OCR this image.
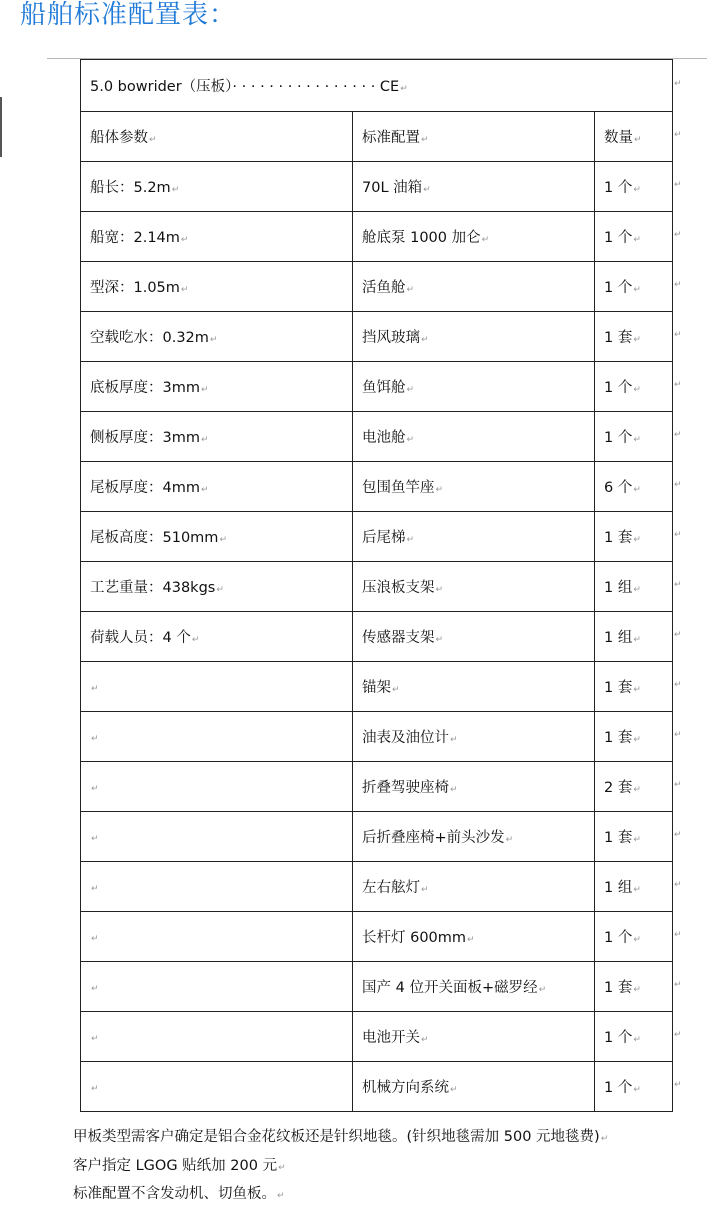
船舶标准配置表：
5.0 bowrider（压板）· · · · · · · · · · · · · · · · CE↵		
船体参数↵	标准配置↵	数量↵
船长：5.2m↵	70L 油箱↵	1 个↵
船宽：2.14m↵	舱底泵 1000 加仑↵	1 个↵
型深：1.05m↵	活鱼舱↵	1 个↵
空载吃水：0.32m↵	挡风玻璃↵	1 套↵
底板厚度：3mm↵	鱼饵舱↵	1 个↵
侧板厚度：3mm↵	电池舱↵	1 个↵
尾板厚度：4mm↵	包围鱼竿座↵	6 个↵
尾板高度：510mm↵	后尾梯↵	1 套↵
工艺重量：438kgs↵	压浪板支架↵	1 组↵
荷载人员：4 个↵	传感器支架↵	1 组↵
↵	锚架↵	1 套↵
↵	油表及油位计↵	1 套↵
↵	折叠驾驶座椅↵	2 套↵
↵	后折叠座椅+前头沙发↵	1 套↵
↵	左右舷灯↵	1 组↵
↵	长杆灯 600mm↵	1 个↵
↵	国产 4 位开关面板+磁罗经↵	1 套↵
↵	电池开关↵	1 个↵
↵	机械方向系统↵	1 个↵
甲板类型需客户确定是铝合金花纹板还是针织地毯。(针织地毯需加 500 元地毯费)↵
客户指定 LGOG 贴纸加 200 元↵
标准配置不含发动机、切鱼板。↵
↵
↵
↵
↵
↵
↵
↵
↵
↵
↵
↵
↵
↵
↵
↵
↵
↵
↵
↵
↵
↵
